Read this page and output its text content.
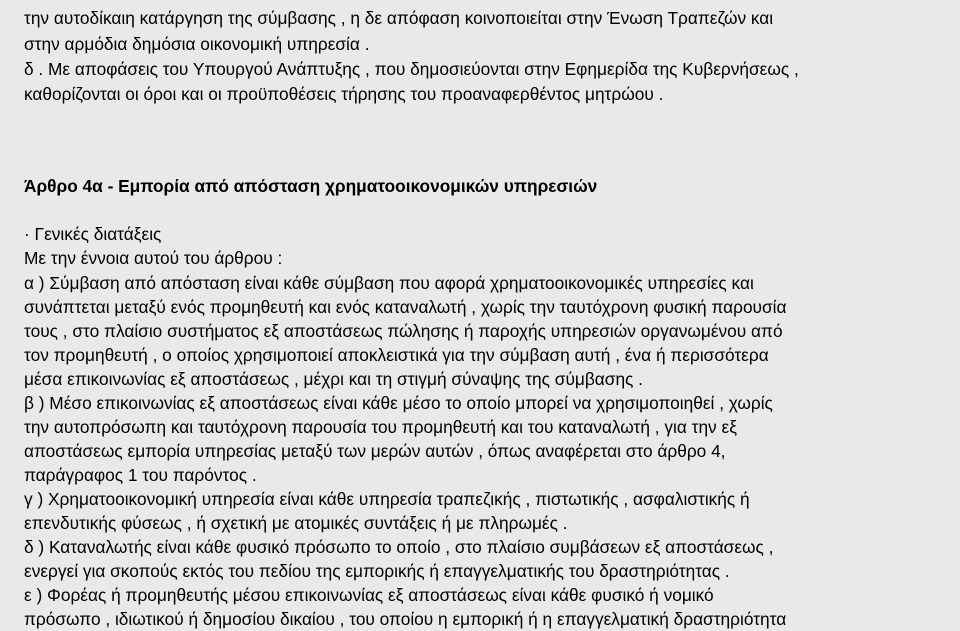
την αυτοδίκαιη κατάργηση της σύμβασης , η δε απόφαση κοινοποιείται στην Ένωση Τραπεζών και
στην αρμόδια δημόσια οικονομική υπηρεσία .
δ . Με αποφάσεις του Υπουργού Ανάπτυξης , που δημοσιεύονται στην Εφημερίδα της Κυβερνήσεως ,
καθορίζονται οι όροι και οι προϋποθέσεις τήρησης του προαναφερθέντος μητρώου .
Άρθρο 4α - Εμπορία από απόσταση χρηματοοικονομικών υπηρεσιών
· Γενικές διατάξεις
Με την έννοια αυτού του άρθρου :
α ) Σύμβαση από απόσταση είναι κάθε σύμβαση που αφορά χρηματοοικονομικές υπηρεσίες και
συνάπτεται μεταξύ ενός προμηθευτή και ενός καταναλωτή , χωρίς την ταυτόχρονη φυσική παρουσία
τους , στο πλαίσιο συστήματος εξ αποστάσεως πώλησης ή παροχής υπηρεσιών οργανωμένου από
τον προμηθευτή , ο οποίος χρησιμοποιεί αποκλειστικά για την σύμβαση αυτή , ένα ή περισσότερα
μέσα επικοινωνίας εξ αποστάσεως , μέχρι και τη στιγμή σύναψης της σύμβασης .
β ) Μέσο επικοινωνίας εξ αποστάσεως είναι κάθε μέσο το οποίο μπορεί να χρησιμοποιηθεί , χωρίς
την αυτοπρόσωπη και ταυτόχρονη παρουσία του προμηθευτή και του καταναλωτή , για την εξ
αποστάσεως εμπορία υπηρεσίας μεταξύ των μερών αυτών , όπως αναφέρεται στο άρθρο 4,
παράγραφος 1 του παρόντος .
γ ) Χρηματοοικονομική υπηρεσία είναι κάθε υπηρεσία τραπεζικής , πιστωτικής , ασφαλιστικής ή
επενδυτικής φύσεως , ή σχετική με ατομικές συντάξεις ή με πληρωμές .
δ ) Καταναλωτής είναι κάθε φυσικό πρόσωπο το οποίο , στο πλαίσιο συμβάσεων εξ αποστάσεως ,
ενεργεί για σκοπούς εκτός του πεδίου της εμπορικής ή επαγγελματικής του δραστηριότητας .
ε ) Φορέας ή προμηθευτής μέσου επικοινωνίας εξ αποστάσεως είναι κάθε φυσικό ή νομικό
πρόσωπο , ιδιωτικού ή δημοσίου δικαίου , του οποίου η εμπορική ή η επαγγελματική δραστηριότητα
